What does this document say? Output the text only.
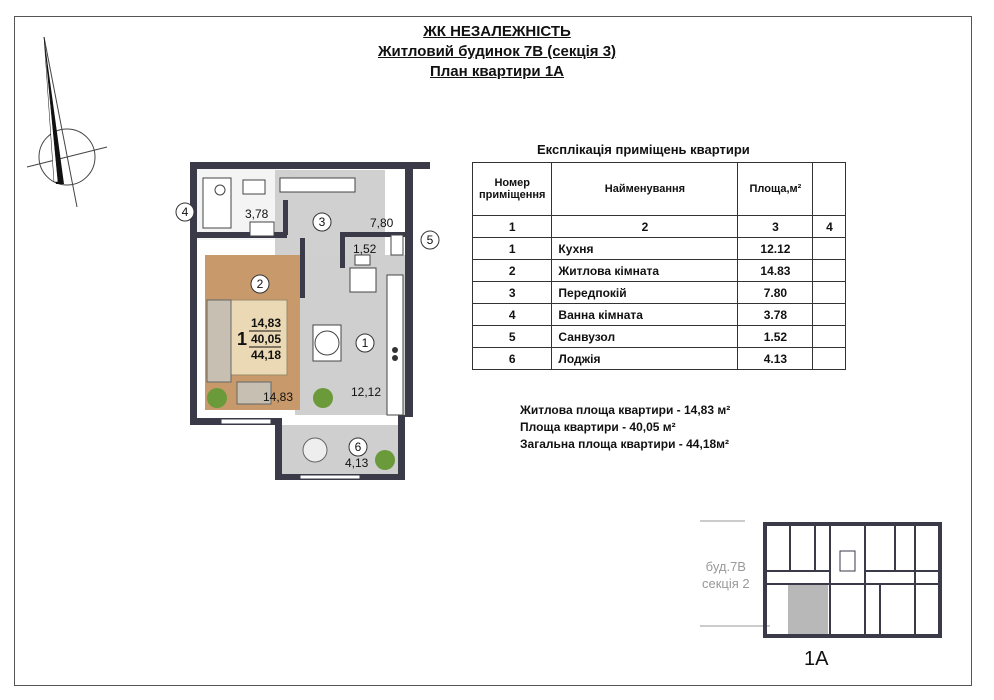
ЖК НЕЗАЛЕЖНІСТЬ
Житловий будинок 7В (секція 3)
План квартири 1А
4
5
3
2
1
6
3,78
7,80
1,52
12,12
14,83
4,13
1
14,83
40,05
44,18
Експлікація приміщень квартири
Номер приміщення	Найменування	Площа,м²	
1	2	3	4
1	Кухня	12.12	
2	Житлова кімната	14.83	
3	Передпокій	7.80	
4	Ванна кімната	3.78	
5	Санвузол	1.52	
6	Лоджія	4.13	
Житлова площа квартири - 14,83 м²
Площа квартири - 40,05 м²
Загальна площа квартири - 44,18м²
буд.7В
секція 2
1А
